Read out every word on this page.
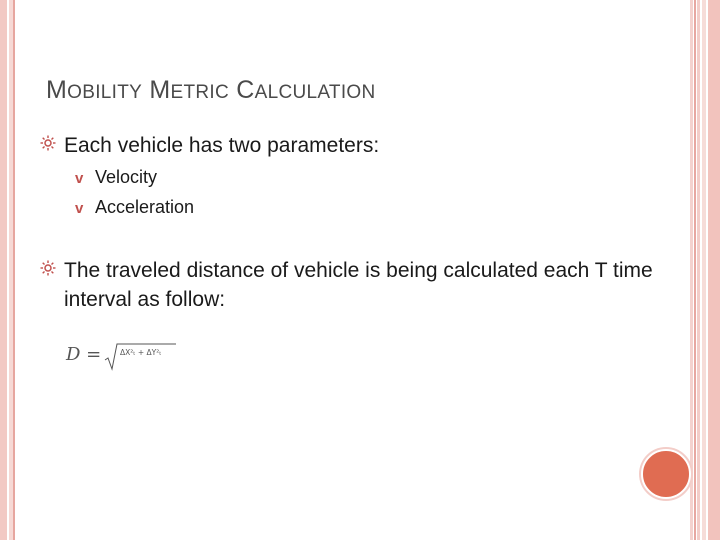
MOBILITY METRIC CALCULATION
Each vehicle has two parameters:
v Velocity
v Acceleration
The traveled distance of vehicle is being calculated each T time interval as follow:
D =	ΔX²ₜ + ΔY²ₜ
